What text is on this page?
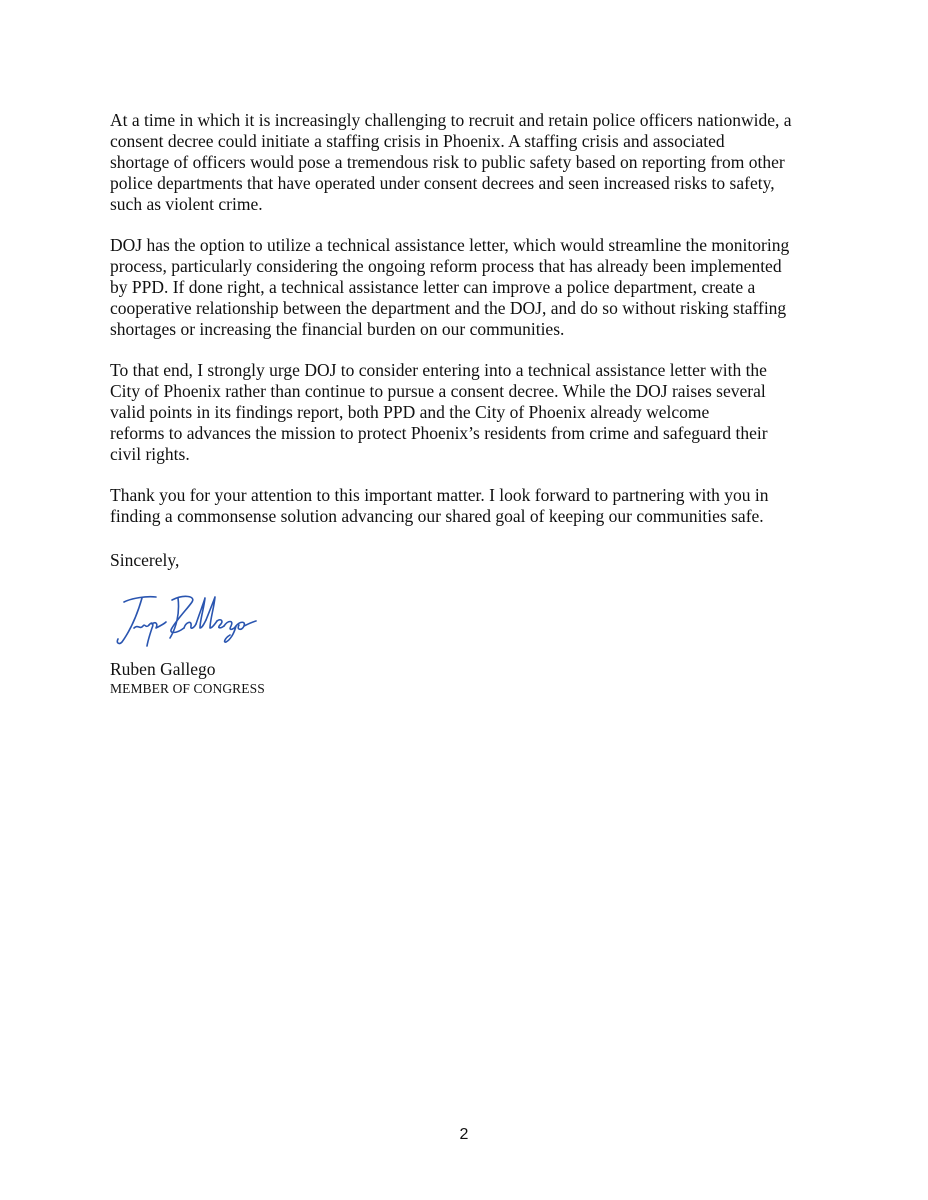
At a time in which it is increasingly challenging to recruit and retain police officers nationwide, a
consent decree could initiate a staffing crisis in Phoenix. A staffing crisis and associated
shortage of officers would pose a tremendous risk to public safety based on reporting from other
police departments that have operated under consent decrees and seen increased risks to safety,
such as violent crime.

DOJ has the option to utilize a technical assistance letter, which would streamline the monitoring
process, particularly considering the ongoing reform process that has already been implemented
by PPD. If done right, a technical assistance letter can improve a police department, create a
cooperative relationship between the department and the DOJ, and do so without risking staffing
shortages or increasing the financial burden on our communities.

To that end, I strongly urge DOJ to consider entering into a technical assistance letter with the
City of Phoenix rather than continue to pursue a consent decree. While the DOJ raises several
valid points in its findings report, both PPD and the City of Phoenix already welcome
reforms to advances the mission to protect Phoenix’s residents from crime and safeguard their
civil rights.

Thank you for your attention to this important matter. I look forward to partnering with you in
finding a commonsense solution advancing our shared goal of keeping our communities safe.

Sincerely,
Ruben Gallego
MEMBER OF CONGRESS
2
